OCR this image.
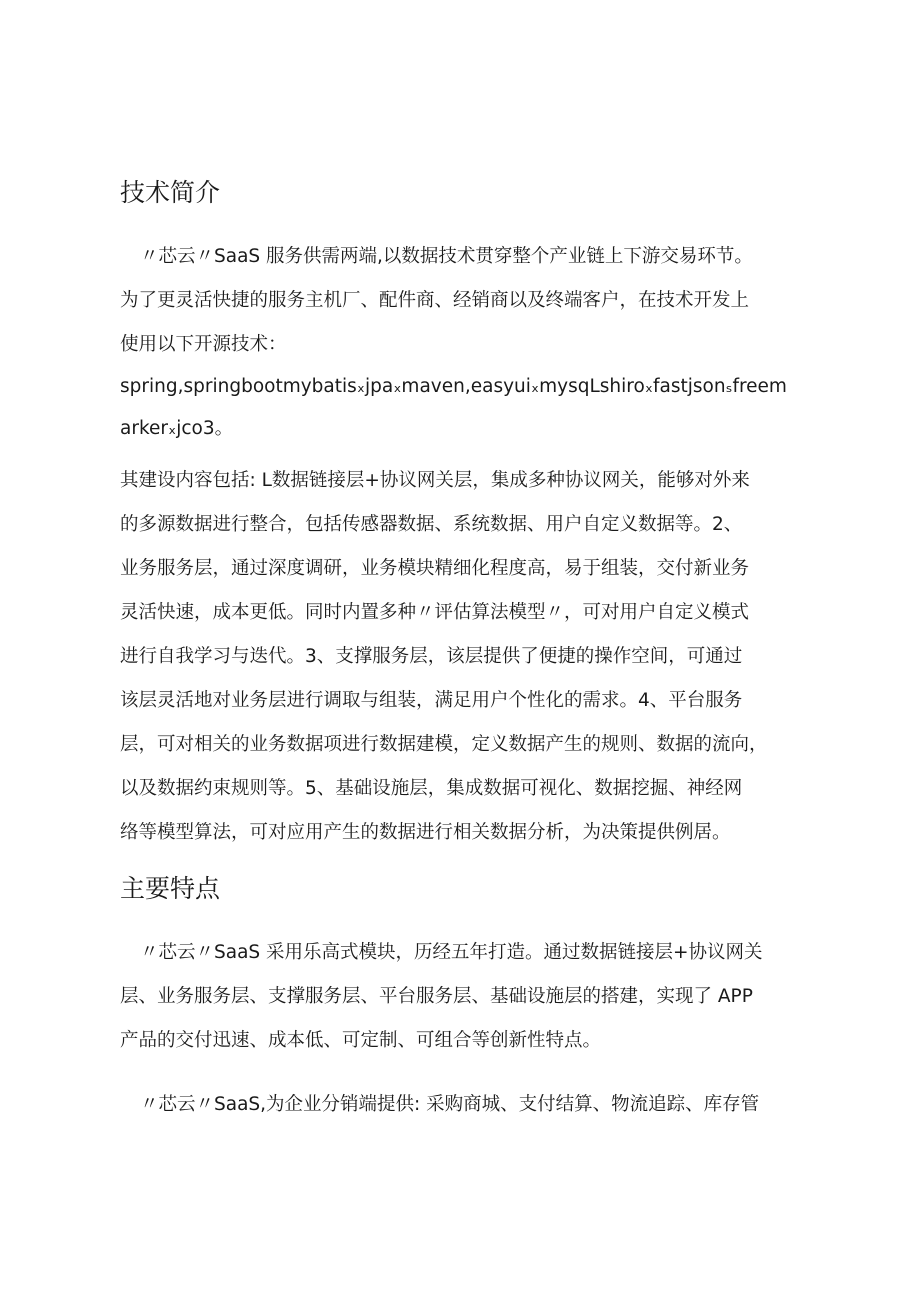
技术简介

〃芯云〃SaaS 服务供需两端,以数据技术贯穿整个产业链上下游交易环节。

为了更灵活快捷的服务主机厂、配件商、经销商以及终端客户，在技术开发上

使用以下开源技术：

spring,springbootmybatisₓjpaₓmaven,easyuiₓmysqLshiroₓfastjsonₛfreem

arkerₓjco3。

其建设内容包括: L数据链接层+协议网关层，集成多种协议网关，能够对外来

的多源数据进行整合，包括传感器数据、系统数据、用户自定义数据等。2、

业务服务层，通过深度调研，业务模块精细化程度高，易于组装，交付新业务

灵活快速，成本更低。同时内置多种〃评估算法模型〃，可对用户自定义模式

进行自我学习与迭代。3、支撑服务层，该层提供了便捷的操作空间，可通过

该层灵活地对业务层进行调取与组装，满足用户个性化的需求。4、平台服务

层，可对相关的业务数据项进行数据建模，定义数据产生的规则、数据的流向，

以及数据约束规则等。5、基础设施层，集成数据可视化、数据挖掘、神经网

络等模型算法，可对应用产生的数据进行相关数据分析，为决策提供例居。

主要特点

〃芯云〃SaaS 采用乐高式模块，历经五年打造。通过数据链接层+协议网关

层、业务服务层、支撑服务层、平台服务层、基础设施层的搭建，实现了 APP

产品的交付迅速、成本低、可定制、可组合等创新性特点。

〃芯云〃SaaS,为企业分销端提供: 采购商城、支付结算、物流追踪、库存管
